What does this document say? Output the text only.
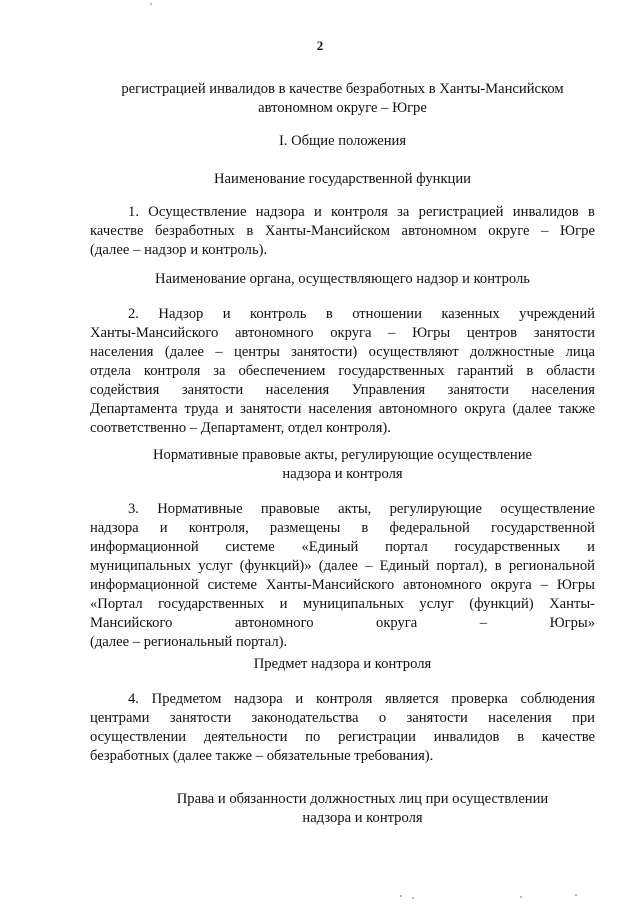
2
регистрацией инвалидов в качестве безработных в Ханты-Мансийском
автономном округе – Югре
I. Общие положения
Наименование государственной функции
1. Осуществление надзора и контроля за регистрацией инвалидов в
качестве безработных в Ханты-Мансийском автономном округе – Югре
(далее – надзор и контроль).
Наименование органа, осуществляющего надзор и контроль
2. Надзор и контроль в отношении казенных учреждений
Ханты-Мансийского автономного округа – Югры центров занятости
населения (далее – центры занятости) осуществляют должностные лица
отдела контроля за обеспечением государственных гарантий в области
содействия занятости населения Управления занятости населения
Департамента труда и занятости населения автономного округа (далее также
соответственно – Департамент, отдел контроля).
Нормативные правовые акты, регулирующие осуществление
надзора и контроля
3. Нормативные правовые акты, регулирующие осуществление
надзора и контроля, размещены в федеральной государственной
информационной системе «Единый портал государственных и
муниципальных услуг (функций)» (далее – Единый портал), в региональной
информационной системе Ханты-Мансийского автономного округа – Югры
«Портал государственных и муниципальных услуг (функций) Ханты-
Мансийского автономного округа – Югры»
(далее – региональный портал).
Предмет надзора и контроля
4. Предметом надзора и контроля является проверка соблюдения
центрами занятости законодательства о занятости населения при
осуществлении деятельности по регистрации инвалидов в качестве
безработных (далее также – обязательные требования).
Права и обязанности должностных лиц при осуществлении
надзора и контроля
